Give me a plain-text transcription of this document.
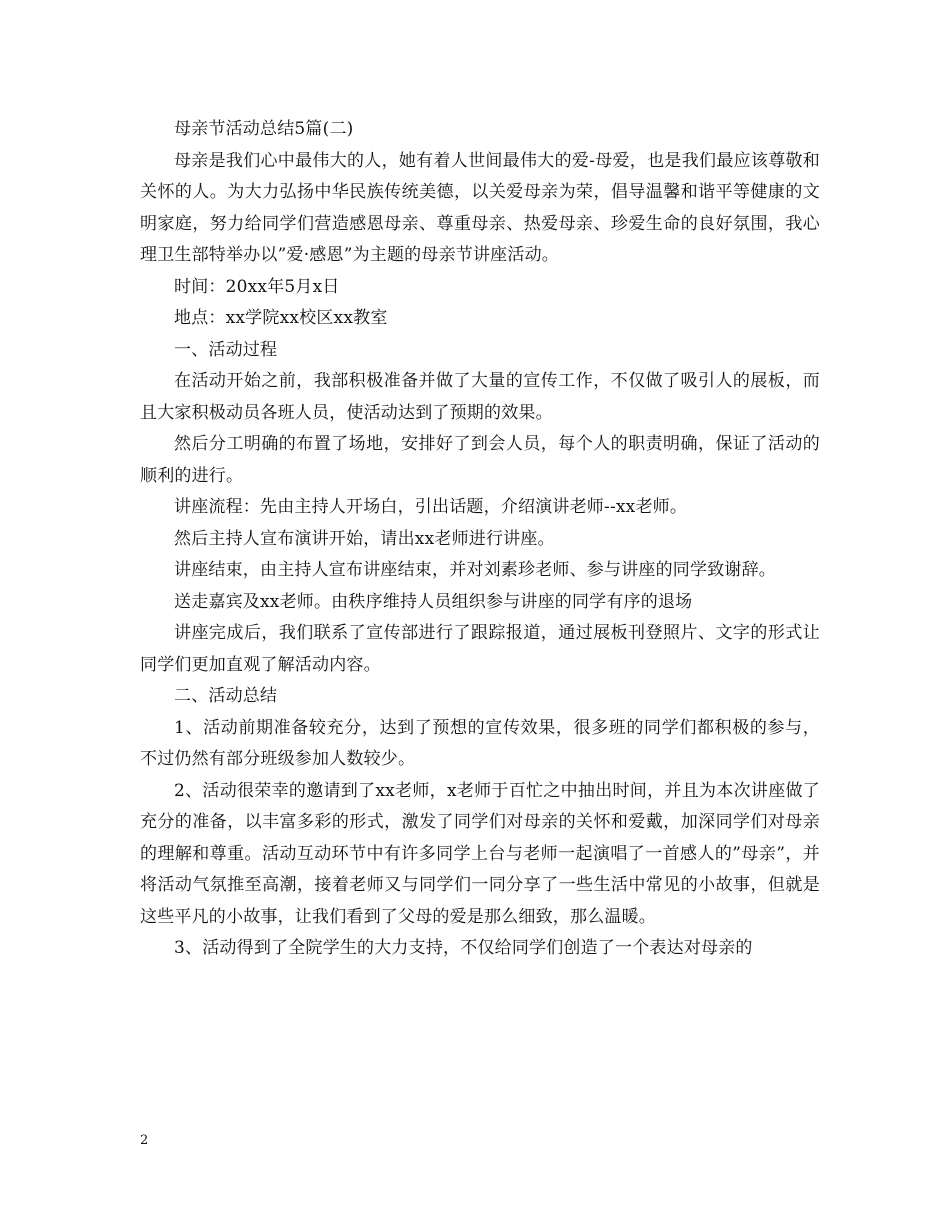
母亲节活动总结5篇(二)

母亲是我们心中最伟大的人，她有着人世间最伟大的爱-母爱，也是我们最应该尊敬和关怀的人。为大力弘扬中华民族传统美德，以关爱母亲为荣，倡导温馨和谐平等健康的文明家庭，努力给同学们营造感恩母亲、尊重母亲、热爱母亲、珍爱生命的良好氛围，我心理卫生部特举办以”爱·感恩”为主题的母亲节讲座活动。

时间：20xx年5月x日

地点：xx学院xx校区xx教室

一、活动过程

在活动开始之前，我部积极准备并做了大量的宣传工作，不仅做了吸引人的展板，而且大家积极动员各班人员，使活动达到了预期的效果。

然后分工明确的布置了场地，安排好了到会人员，每个人的职责明确，保证了活动的顺利的进行。

讲座流程：先由主持人开场白，引出话题，介绍演讲老师--xx老师。

然后主持人宣布演讲开始，请出xx老师进行讲座。

讲座结束，由主持人宣布讲座结束，并对刘素珍老师、参与讲座的同学致谢辞。

送走嘉宾及xx老师。由秩序维持人员组织参与讲座的同学有序的退场

讲座完成后，我们联系了宣传部进行了跟踪报道，通过展板刊登照片、文字的形式让同学们更加直观了解活动内容。

二、活动总结

1、活动前期准备较充分，达到了预想的宣传效果，很多班的同学们都积极的参与，不过仍然有部分班级参加人数较少。

2、活动很荣幸的邀请到了xx老师，x老师于百忙之中抽出时间，并且为本次讲座做了充分的准备，以丰富多彩的形式，激发了同学们对母亲的关怀和爱戴，加深同学们对母亲的理解和尊重。活动互动环节中有许多同学上台与老师一起演唱了一首感人的”母亲”，并将活动气氛推至高潮，接着老师又与同学们一同分享了一些生活中常见的小故事，但就是这些平凡的小故事，让我们看到了父母的爱是那么细致，那么温暖。

3、活动得到了全院学生的大力支持，不仅给同学们创造了一个表达对母亲的

2
